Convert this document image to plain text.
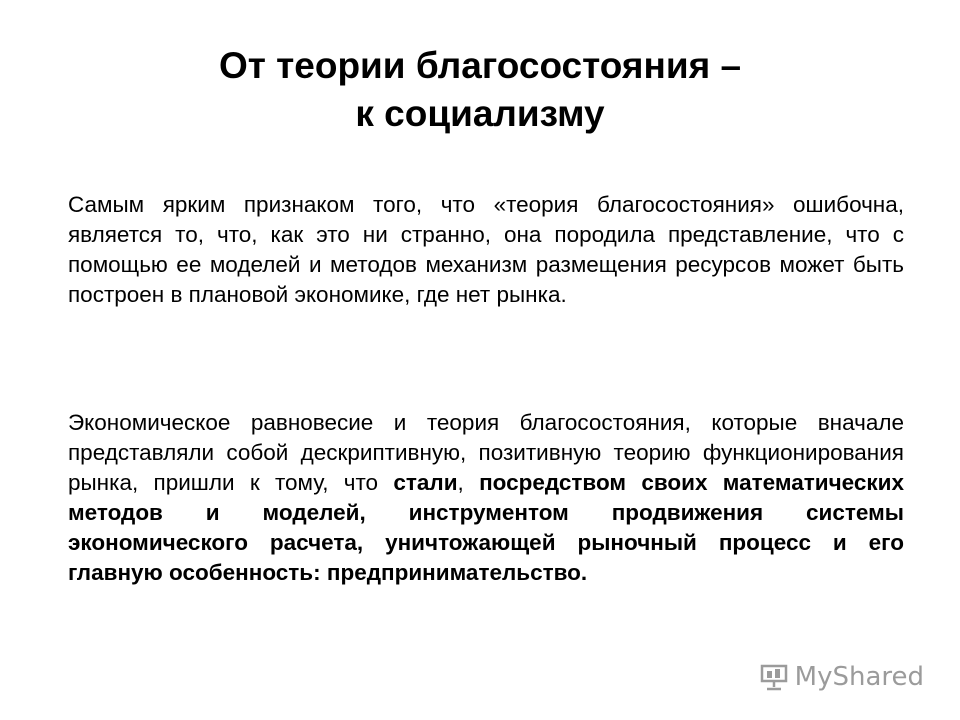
От теории благосостояния –
к социализму

Самым ярким признаком того, что «теория благосостояния» ошибочна, является то, что, как это ни странно, она породила представление, что с помощью ее моделей и методов механизм размещения ресурсов может быть построен в плановой экономике, где нет рынка.

Экономическое равновесие и теория благосостояния, которые вначале представляли собой дескриптивную, позитивную теорию функционирования рынка, пришли к тому, что стали, посредством своих математических методов и моделей, инструментом продвижения системы экономического расчета, уничтожающей рыночный процесс и его главную особенность: предпринимательство.

MyShared
